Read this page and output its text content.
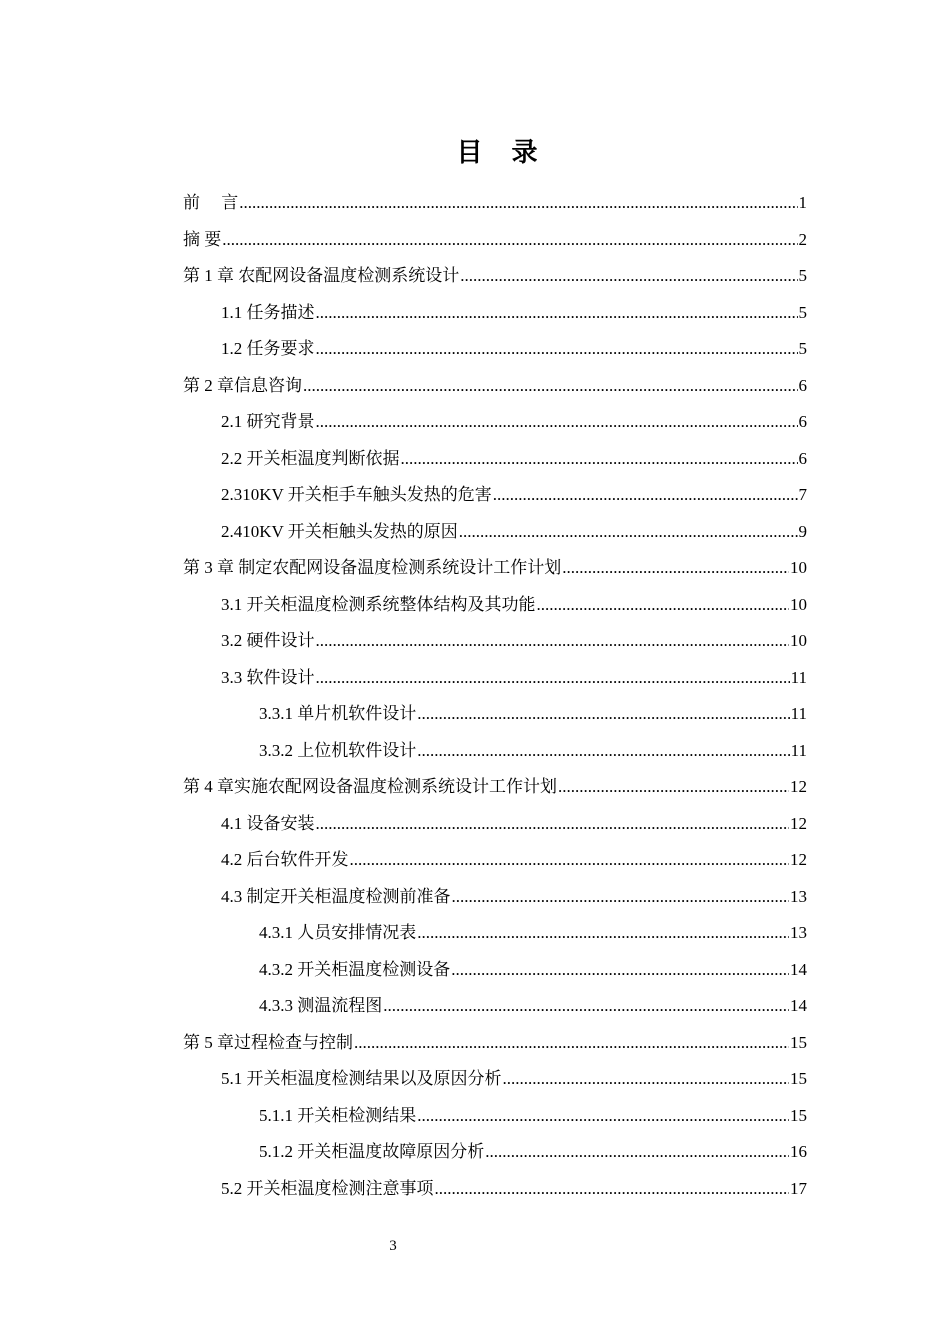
目 录
前　 言 .....	1
摘 要 .....	2
第 1 章 农配网设备温度检测系统设计 .....	5
1.1 任务描述 .....	5
1.2 任务要求 .....	5
第 2 章信息咨询 .....	6
2.1 研究背景 .....	6
2.2 开关柜温度判断依据 .....	6
2.310KV 开关柜手车触头发热的危害 .....	7
2.410KV 开关柜触头发热的原因 .....	9
第 3 章 制定农配网设备温度检测系统设计工作计划 .....	10
3.1 开关柜温度检测系统整体结构及其功能 .....	10
3.2 硬件设计 .....	10
3.3 软件设计 .....	11
3.3.1 单片机软件设计 .....	11
3.3.2 上位机软件设计 .....	11
第 4 章实施农配网设备温度检测系统设计工作计划 .....	12
4.1 设备安装 .....	12
4.2 后台软件开发 .....	12
4.3 制定开关柜温度检测前准备 .....	13
4.3.1 人员安排情况表 .....	13
4.3.2 开关柜温度检测设备 .....	14
4.3.3 测温流程图 .....	14
第 5 章过程检查与控制 .....	15
5.1 开关柜温度检测结果以及原因分析 .....	15
5.1.1 开关柜检测结果 .....	15
5.1.2 开关柜温度故障原因分析 .....	16
5.2 开关柜温度检测注意事项 .....	17
3
